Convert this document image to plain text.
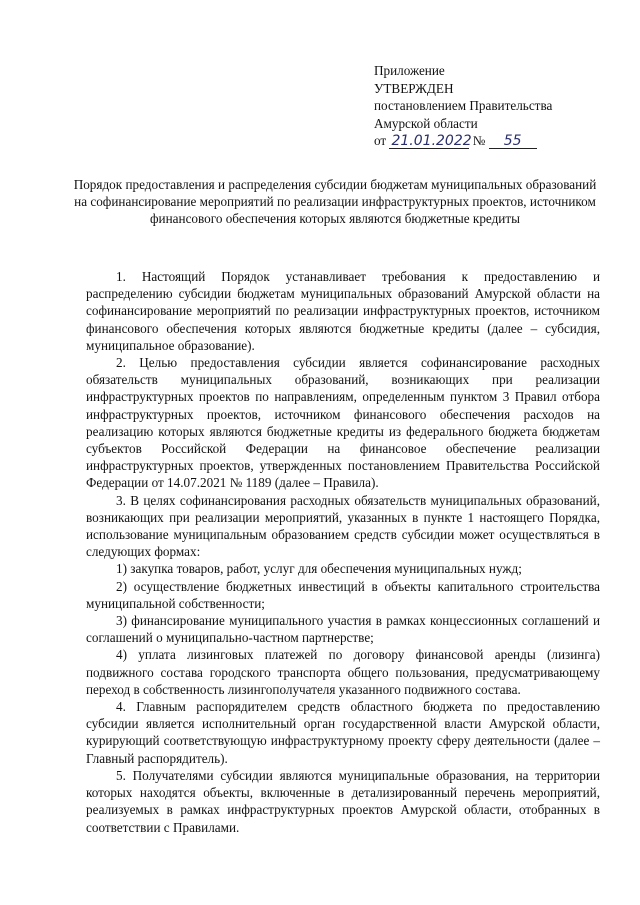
Приложение
УТВЕРЖДЕН
постановлением Правительства
Амурской области
от 21.01.2022 № 55
Порядок предоставления и распределения субсидии бюджетам муниципальных образований на софинансирование мероприятий по реализации инфраструктурных проектов, источником финансового обеспечения которых являются бюджетные кредиты

1. Настоящий Порядок устанавливает требования к предоставлению и распределению субсидии бюджетам муниципальных образований Амурской области на софинансирование мероприятий по реализации инфраструктурных проектов, источником финансового обеспечения которых являются бюджетные кредиты (далее – субсидия, муниципальное образование).

2. Целью предоставления субсидии является софинансирование расходных обязательств муниципальных образований, возникающих при реализации инфраструктурных проектов по направлениям, определенным пунктом 3 Правил отбора инфраструктурных проектов, источником финансового обеспечения расходов на реализацию которых являются бюджетные кредиты из федерального бюджета бюджетам субъектов Российской Федерации на финансовое обеспечение реализации инфраструктурных проектов, утвержденных постановлением Правительства Российской Федерации от 14.07.2021 № 1189 (далее – Правила).

3. В целях софинансирования расходных обязательств муниципальных образований, возникающих при реализации мероприятий, указанных в пункте 1 настоящего Порядка, использование муниципальным образованием средств субсидии может осуществляться в следующих формах:

1) закупка товаров, работ, услуг для обеспечения муниципальных нужд;

2) осуществление бюджетных инвестиций в объекты капитального строительства муниципальной собственности;

3) финансирование муниципального участия в рамках концессионных соглашений и соглашений о муниципально-частном партнерстве;

4) уплата лизинговых платежей по договору финансовой аренды (лизинга) подвижного состава городского транспорта общего пользования, предусматривающему переход в собственность лизингополучателя указанного подвижного состава.

4. Главным распорядителем средств областного бюджета по предоставлению субсидии является исполнительный орган государственной власти Амурской области, курирующий соответствующую инфраструктурному проекту сферу деятельности (далее – Главный распорядитель).

5. Получателями субсидии являются муниципальные образования, на территории которых находятся объекты, включенные в детализированный перечень мероприятий, реализуемых в рамках инфраструктурных проектов Амурской области, отобранных в соответствии с Правилами.
